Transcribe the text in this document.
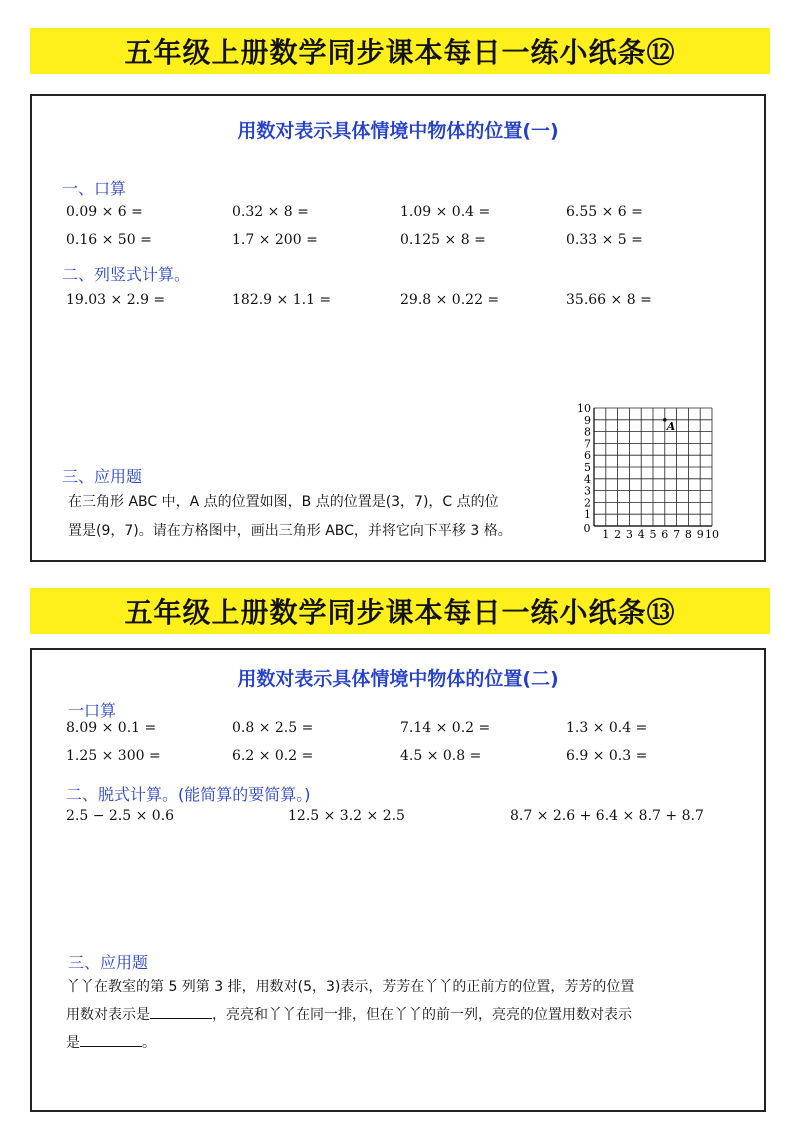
五年级上册数学同步课本每日一练小纸条⑫
用数对表示具体情境中物体的位置(一)
一、口算
0.09 × 6 =	0.32 × 8 =	1.09 × 0.4 =	6.55 × 6 =
0.16 × 50 =	1.7 × 200 =	0.125 × 8 =	0.33 × 5 =
二、列竖式计算。
19.03 × 2.9 =	182.9 × 1.1 =	29.8 × 0.22 =	35.66 × 8 =
三、应用题
在三角形 ABC 中，A 点的位置如图，B 点的位置是(3，7)，C 点的位
置是(9，7)。请在方格图中，画出三角形 ABC，并将它向下平移 3 格。	0 1 2 3 4 5 6 7 8 9 10
1
2
3
4
5
6
7
8
9
10
A
五年级上册数学同步课本每日一练小纸条⑬
用数对表示具体情境中物体的位置(二)
一口算
8.09 × 0.1 =	0.8 × 2.5 =	7.14 × 0.2 =	1.3 × 0.4 =
1.25 × 300 =	6.2 × 0.2 =	4.5 × 0.8 =	6.9 × 0.3 =
二、脱式计算。(能简算的要简算。)
2.5 − 2.5 × 0.6	12.5 × 3.2 × 2.5	8.7 × 2.6 + 6.4 × 8.7 + 8.7
三、应用题
丫丫在教室的第 5 列第 3 排，用数对(5，3)表示，芳芳在丫丫的正前方的位置，芳芳的位置
用数对表示是	，亮亮和丫丫在同一排，但在丫丫的前一列，亮亮的位置用数对表示
是	。
